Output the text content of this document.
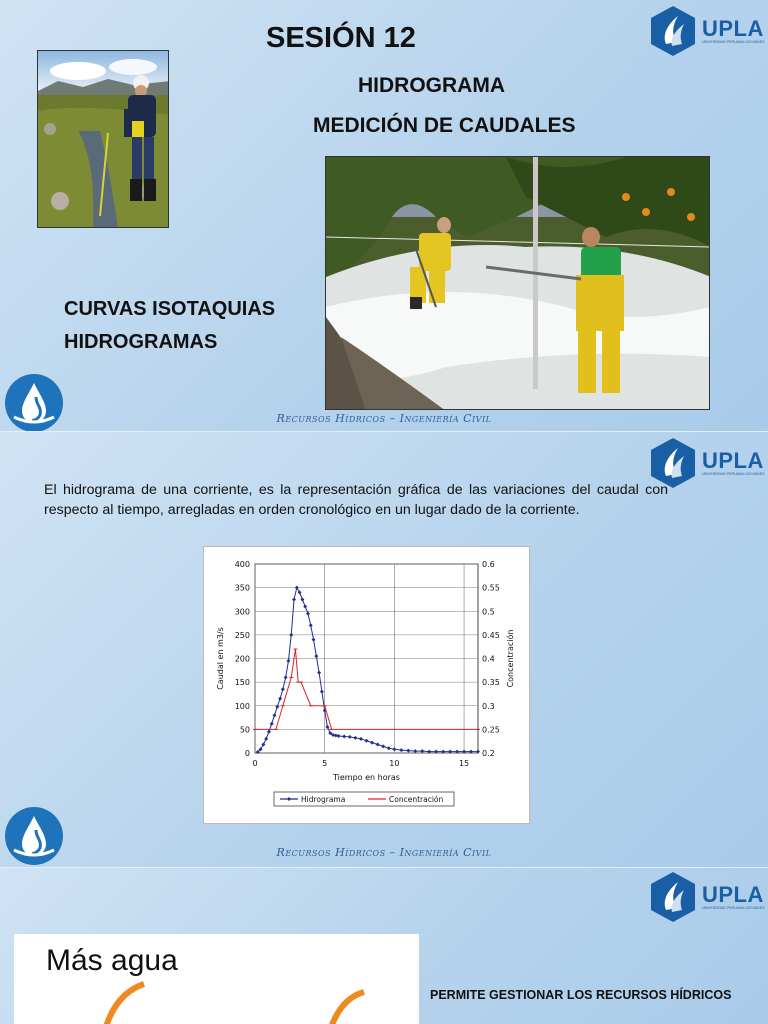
UPLA
UNIVERSIDAD PERUANA LOS ANDES
SESIÓN 12
HIDROGRAMA
MEDICIÓN DE CAUDALES
CURVAS ISOTAQUIAS
HIDROGRAMAS
Recursos Hídricos – Ingeniería Civil
UPLA
UNIVERSIDAD PERUANA LOS ANDES
El hidrograma de una corriente, es la representación gráfica de las variaciones del caudal con respecto al tiempo, arregladas en orden cronológico en un lugar dado de la corriente.
0
50
100
150
200
250
300
350
400
0	5	10	15
0.2
0.25
0.3
0.35
0.4
0.45
0.5
0.55
0.6
Tiempo en horas
Caudal en m3/s	Concentración
Hidrograma	Concentración
Recursos Hídricos – Ingeniería Civil
UPLA
UNIVERSIDAD PERUANA LOS ANDES
Más agua
PERMITE GESTIONAR LOS RECURSOS HÍDRICOS
